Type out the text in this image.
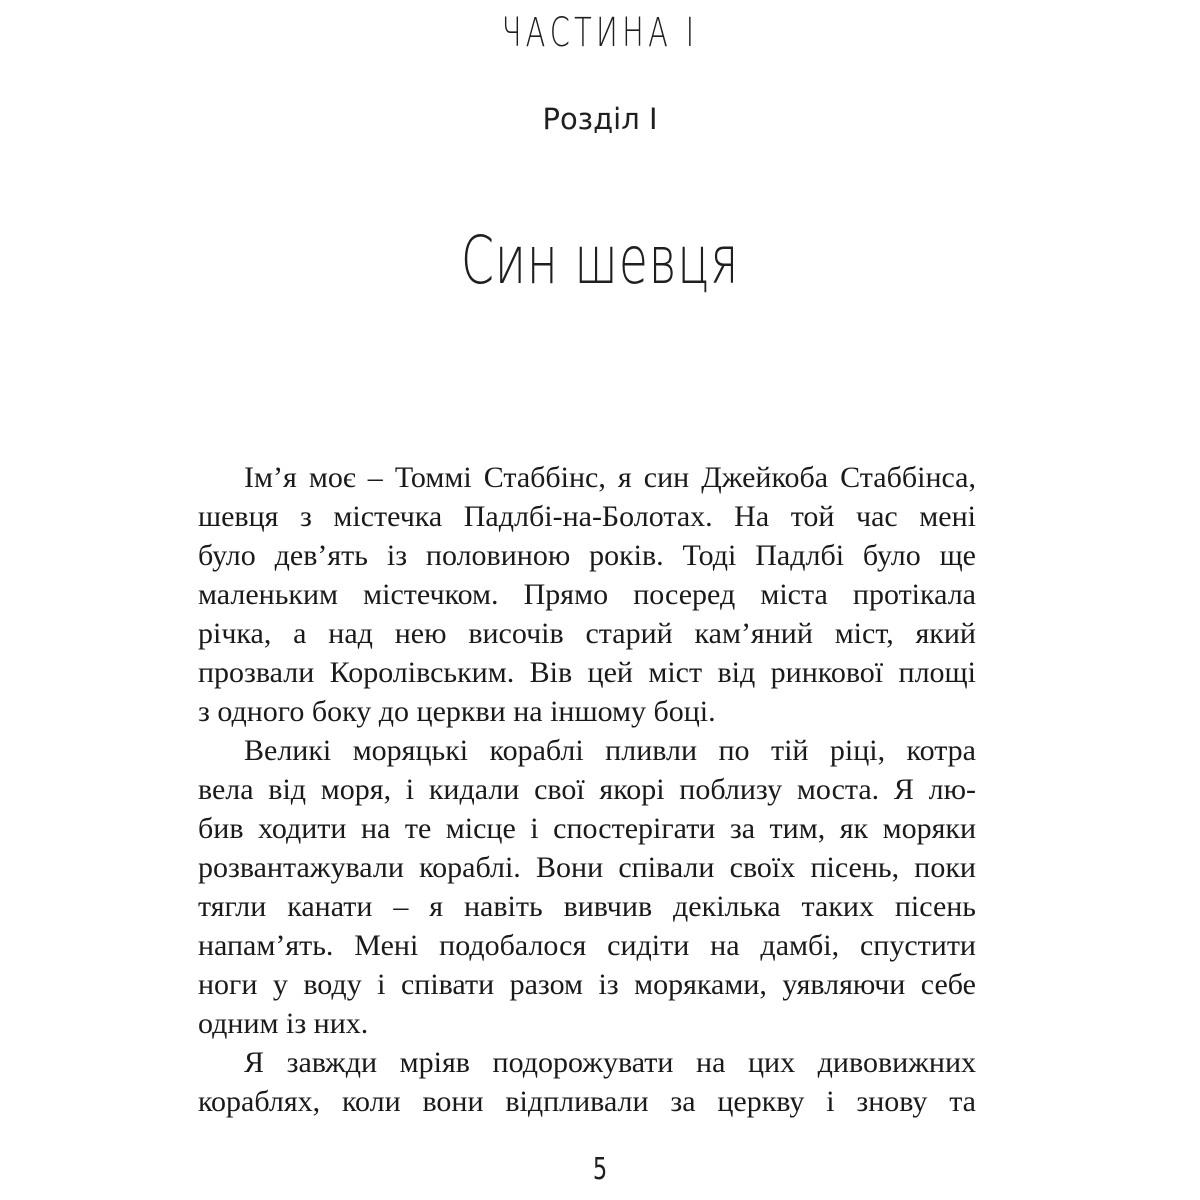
ЧАСТИНА I
Розділ I
Син шевця
Ім’я моє – Томмі Стаббінс, я син Джейкоба Стаббінса,
шевця з містечка Падлбі-на-Болотах. На той час мені
було дев’ять із половиною років. Тоді Падлбі було ще
маленьким містечком. Прямо посеред міста протікала
річка, а над нею височів старий кам’яний міст, який
прозвали Королівським. Вів цей міст від ринкової площі
з одного боку до церкви на іншому боці.
Великі моряцькі кораблі пливли по тій ріці, котра
вела від моря, і кидали свої якорі поблизу моста. Я лю-
бив ходити на те місце і спостерігати за тим, як моряки
розвантажували кораблі. Вони співали своїх пісень, поки
тягли канати – я навіть вивчив декілька таких пісень
напам’ять. Мені подобалося сидіти на дамбі, спустити
ноги у воду і співати разом із моряками, уявляючи себе
одним із них.
Я завжди мріяв подорожувати на цих дивовижних
кораблях, коли вони відпливали за церкву і знову та
5
